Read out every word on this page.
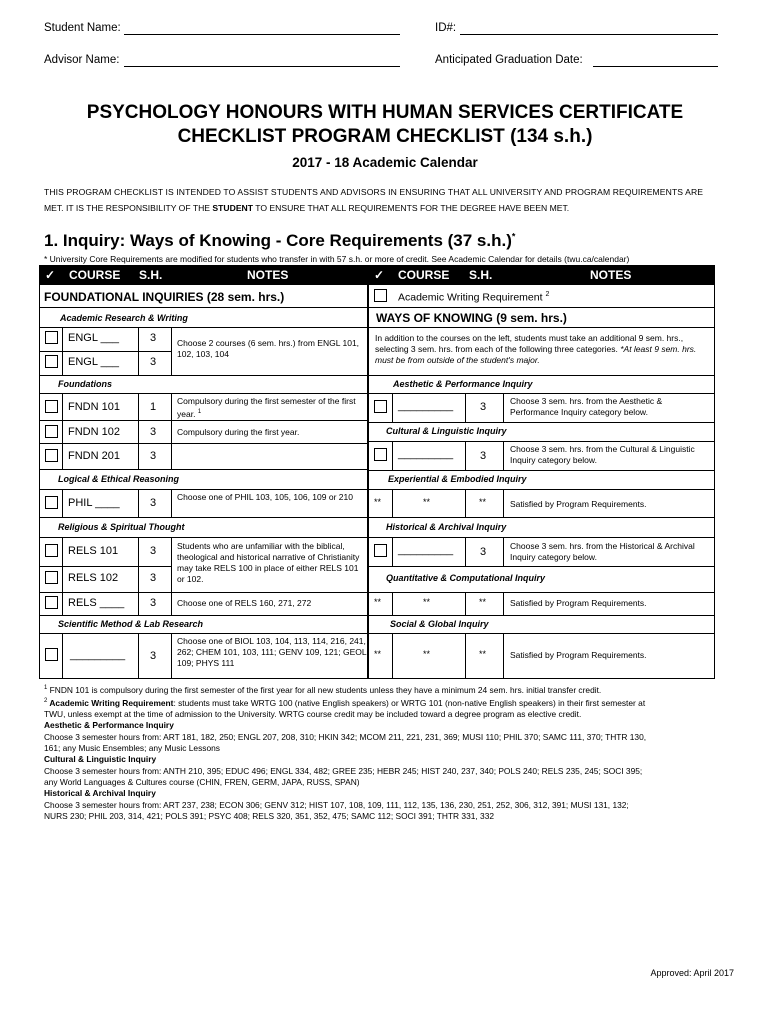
Student Name:	ID#:
Advisor Name:	Anticipated Graduation Date:
PSYCHOLOGY HONOURS WITH HUMAN SERVICES CERTIFICATE
CHECKLIST PROGRAM CHECKLIST (134 s.h.)
2017 - 18 Academic Calendar
THIS PROGRAM CHECKLIST IS INTENDED TO ASSIST STUDENTS AND ADVISORS IN ENSURING THAT ALL UNIVERSITY AND PROGRAM REQUIREMENTS ARE
MET. IT IS THE RESPONSIBILITY OF THE STUDENT TO ENSURE THAT ALL REQUIREMENTS FOR THE DEGREE HAVE BEEN MET.
1. Inquiry: Ways of Knowing - Core Requirements (37 s.h.)*
* University Core Requirements are modified for students who transfer in with 57 s.h. or more of credit. See Academic Calendar for details (twu.ca/calendar)
✓ COURSE S.H.	NOTES	✓ COURSE S.H.	NOTES
FOUNDATIONAL INQUIRIES (28 sem. hrs.)
Academic Research & Writing
ENGL ___	3
ENGL ___	3
Choose 2 courses (6 sem. hrs.) from ENGL 101, 102, 103, 104
Foundations
FNDN 101	1 Compulsory during the first semester of the first year. $^1$
FNDN 102	3 Compulsory during the first year.
FNDN 201	3
Logical & Ethical Reasoning
PHIL ____	3 Choose one of PHIL 103, 105, 106, 109 or 210
Religious & Spiritual Thought
RELS 101	3 Students who are unfamiliar with the biblical, theological and historical narrative of Christianity may take RELS 100 in place of either RELS 101 or 102.
RELS 102	3
RELS ____ 3 Choose one of RELS 160, 271, 272
Scientific Method & Lab Research
_________ 3
Choose one of BIOL 103, 104, 113, 114, 216, 241, 262; CHEM 101, 103, 111; GENV 109, 121; GEOL 109; PHYS 111
Academic Writing Requirement $^2$
WAYS OF KNOWING (9 sem. hrs.)
In addition to the courses on the left, students must take an additional 9 sem. hrs., selecting 3 sem. hrs. from each of the following three categories. *At least 9 sem. hrs. must be from outside of the student's major.
Aesthetic & Performance Inquiry
_________ 3	Choose 3 sem. hrs. from the Aesthetic & Performance Inquiry category below.
Cultural & Linguistic Inquiry
_________ 3
Choose 3 sem. hrs. from the Cultural & Linguistic Inquiry category below.
Experiential & Embodied Inquiry
**	**	**	Satisfied by Program Requirements.
Historical & Archival Inquiry
_________ 3	Choose 3 sem. hrs. from the Historical & Archival Inquiry category below.
Quantitative & Computational Inquiry
**	**	**	Satisfied by Program Requirements.
Social & Global Inquiry
**	**	**	Satisfied by Program Requirements.

$^1$ FNDN 101 is compulsory during the first semester of the first year for all new students unless they have a minimum 24 sem. hrs. initial transfer credit.

$^2$ Academic Writing Requirement: students must take WRTG 100 (native English speakers) or WRTG 101 (non-native English speakers) in their first semester at

TWU, unless exempt at the time of admission to the University. WRTG course credit may be included toward a degree program as elective credit.

Aesthetic & Performance Inquiry

Choose 3 semester hours from: ART 181, 182, 250; ENGL 207, 208, 310; HKIN 342; MCOM 211, 221, 231, 369; MUSI 110; PHIL 370; SAMC 111, 370; THTR 130,

161; any Music Ensembles; any Music Lessons

Cultural & Linguistic Inquiry

Choose 3 semester hours from: ANTH 210, 395; EDUC 496; ENGL 334, 482; GREE 235; HEBR 245; HIST 240, 237, 340; POLS 240; RELS 235, 245; SOCI 395;

any World Languages & Cultures course (CHIN, FREN, GERM, JAPA, RUSS, SPAN)

Historical & Archival Inquiry

Choose 3 semester hours from: ART 237, 238; ECON 306; GENV 312; HIST 107, 108, 109, 111, 112, 135, 136, 230, 251, 252, 306, 312, 391; MUSI 131, 132;

NURS 230; PHIL 203, 314, 421; POLS 391; PSYC 408; RELS 320, 351, 352, 475; SAMC 112; SOCI 391; THTR 331, 332

Approved: April 2017
